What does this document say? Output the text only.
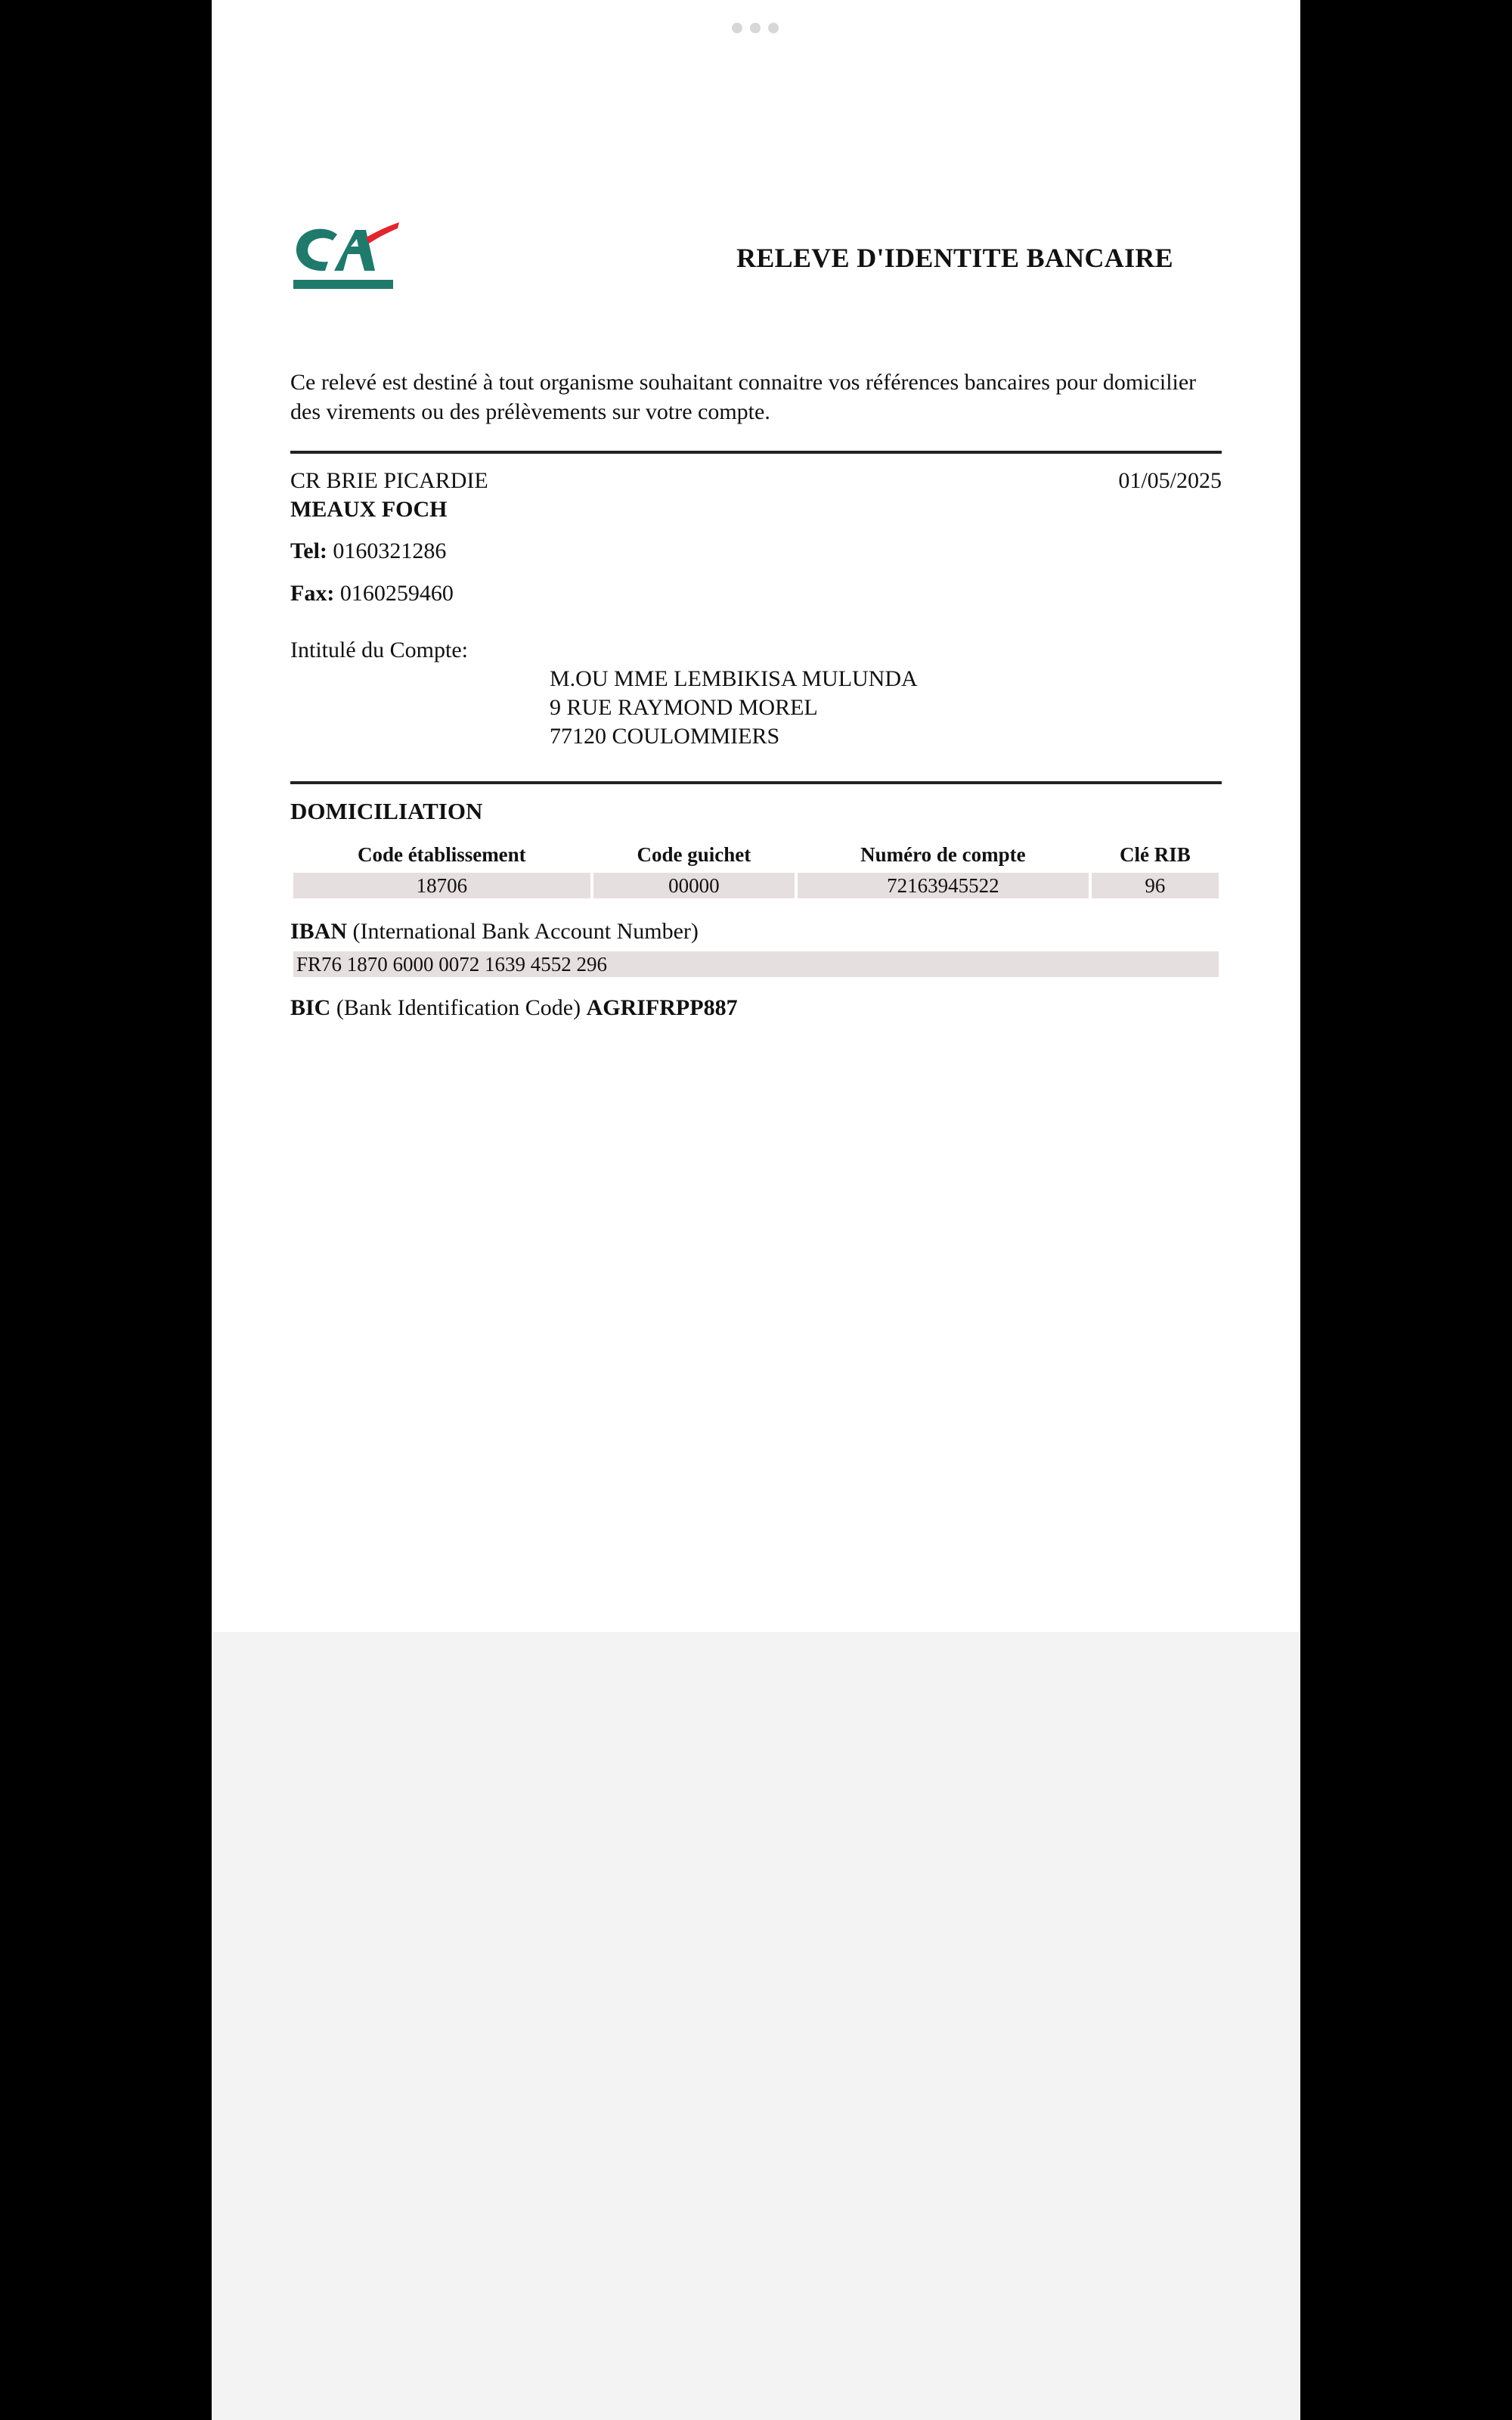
RELEVE D'IDENTITE BANCAIRE
Ce relevé est destiné à tout organisme souhaitant connaitre vos références bancaires pour domicilier des virements ou des prélèvements sur votre compte.
CR BRIE PICARDIE
MEAUX FOCH
01/05/2025
Tel: 0160321286
Fax: 0160259460
Intitulé du Compte:
M.OU MME LEMBIKISA MULUNDA
9 RUE RAYMOND MOREL
77120 COULOMMIERS
DOMICILIATION
Code établissement	Code guichet	Numéro de compte	Clé RIB
18706	00000	72163945522	96
IBAN (International Bank Account Number)
FR76 1870 6000 0072 1639 4552 296
BIC (Bank Identification Code) AGRIFRPP887
